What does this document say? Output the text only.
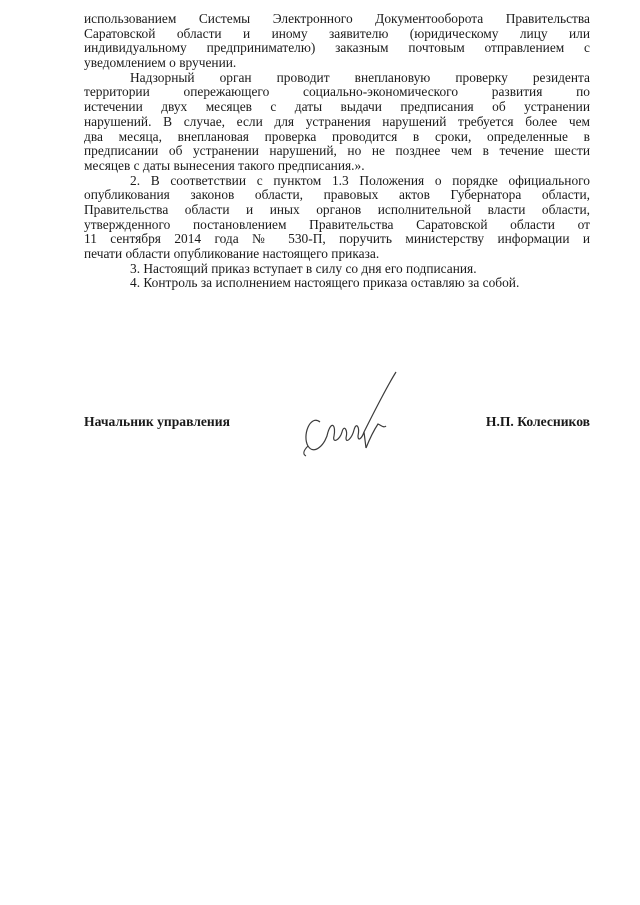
использованием Системы Электронного Документооборота Правительства
Саратовской области и иному заявителю (юридическому лицу или
индивидуальному предпринимателю) заказным почтовым отправлением с
уведомлением о вручении.
Надзорный орган проводит внеплановую проверку резидента
территории опережающего социально-экономического развития по
истечении двух месяцев с даты выдачи предписания об устранении
нарушений. В случае, если для устранения нарушений требуется более чем
два месяца, внеплановая проверка проводится в сроки, определенные в
предписании об устранении нарушений, но не позднее чем в течение шести
месяцев с даты вынесения такого предписания.».
2. В соответствии с пунктом 1.3 Положения о порядке официального
опубликования законов области, правовых актов Губернатора области,
Правительства области и иных органов исполнительной власти области,
утвержденного постановлением Правительства Саратовской области от
11 сентября 2014 года № 530-П, поручить министерству информации и
печати области опубликование настоящего приказа.
3. Настоящий приказ вступает в силу со дня его подписания.
4. Контроль за исполнением настоящего приказа оставляю за собой.
Начальник управления	Н.П. Колесников
